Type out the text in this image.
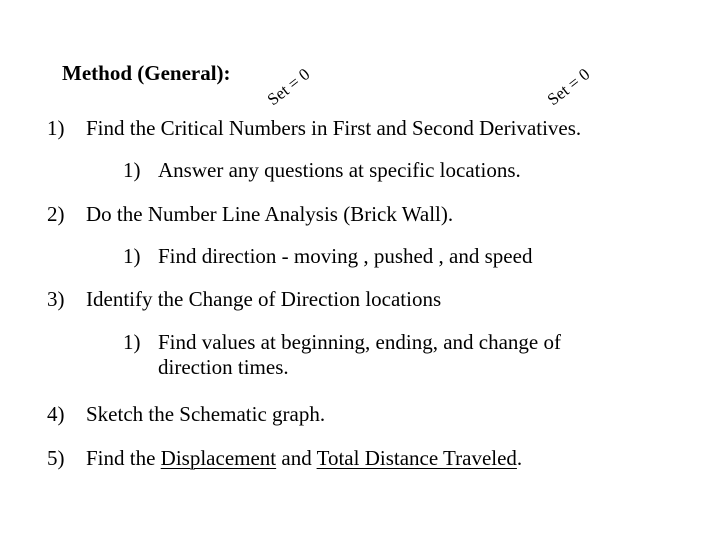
Method (General): Set = 0	Set = 0
1) Find the Critical Numbers in First and Second Derivatives.
1) Answer any questions at specific locations.
2) Do the Number Line Analysis (Brick Wall).
1) Find direction - moving , pushed , and speed
3) Identify the Change of Direction locations
1) Find values at beginning, ending, and change of
direction times.
4) Sketch the Schematic graph.
5) Find the Displacement and Total Distance Traveled.
